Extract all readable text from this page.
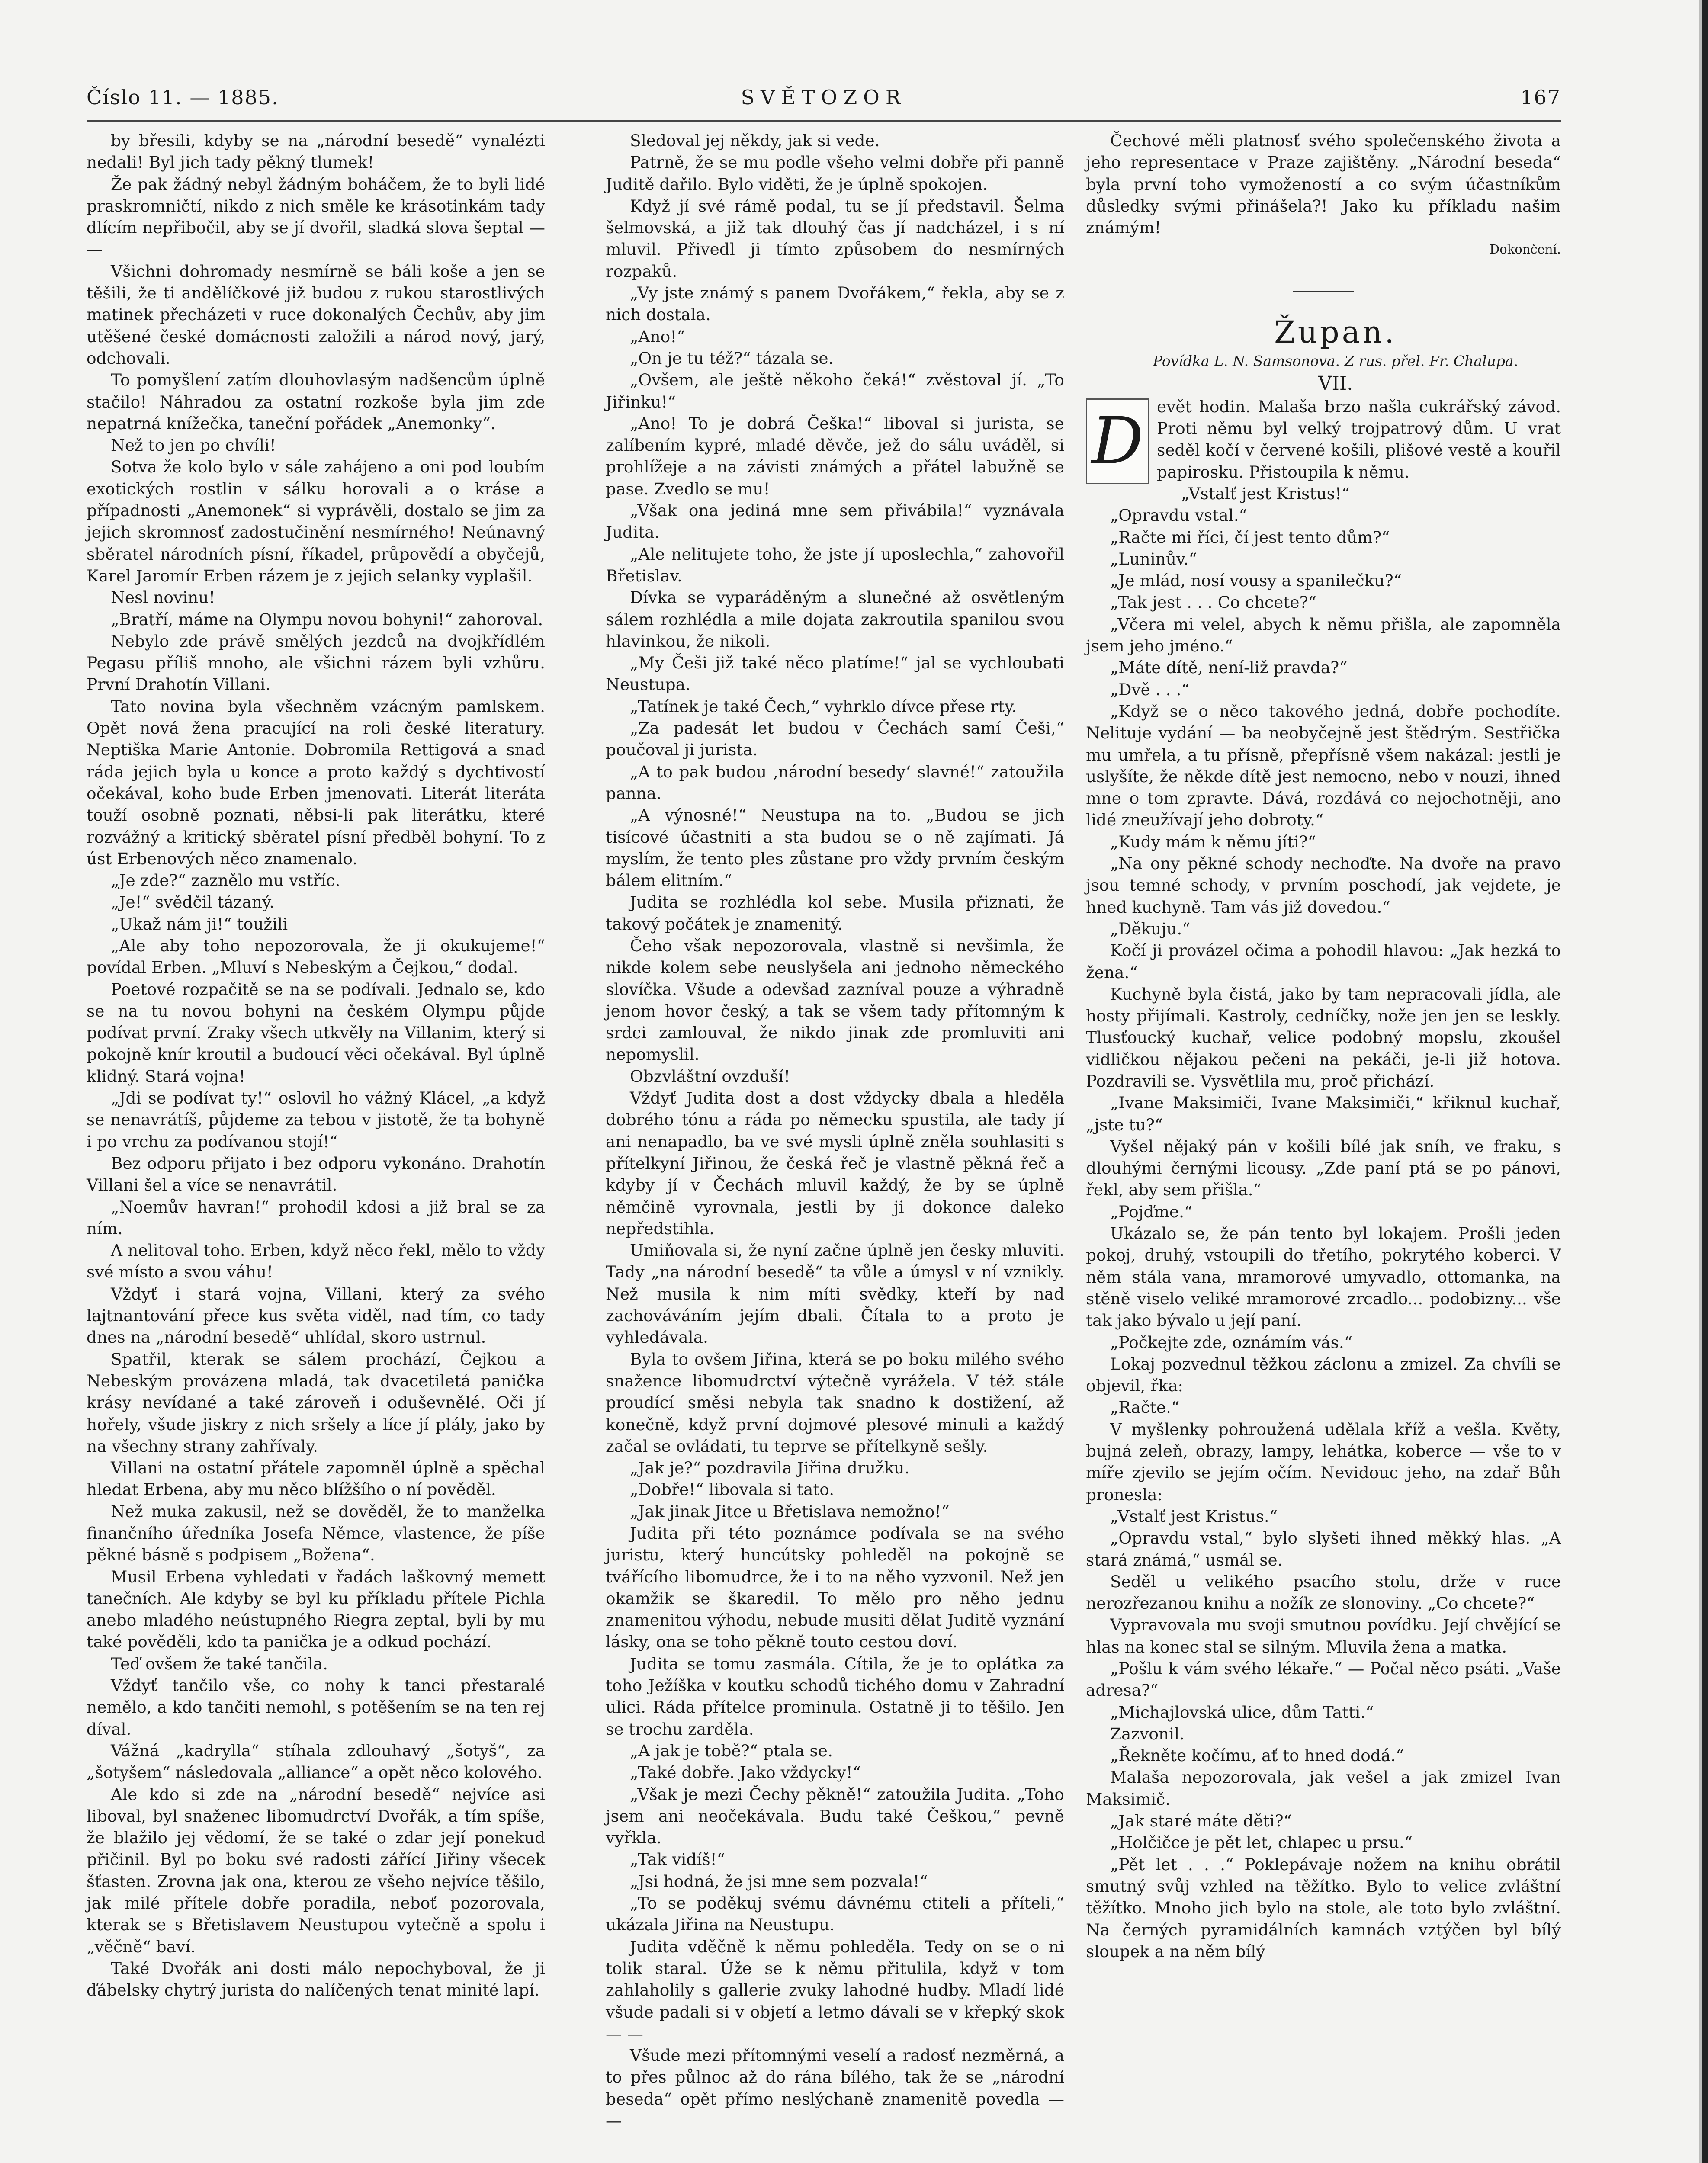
Číslo 11. — 1885.	SVĚTOZOR	167

by břesili, kdyby se na „národní besedě“ vynalézti nedali! Byl jich tady pěkný tlumek!

Že pak žádný nebyl žádným boháčem, že to byli lidé praskromničtí, nikdo z nich směle ke krásotinkám tady dlícím nepřibočil, aby se jí dvořil, sladká slova šeptal — —

Všichni dohromady nesmírně se báli koše a jen se těšili, že ti andělíčkové již budou z rukou starostlivých matinek přecházeti v ruce dokonalých Čechův, aby jim utěšené české domácnosti založili a národ nový, jarý, odchovali.

To pomyšlení zatím dlouhovlasým nadšencům úplně stačilo! Náhradou za ostatní rozkoše byla jim zde nepatrná knížečka, taneční pořádek „Anemonky“.

Než to jen po chvíli!

Sotva že kolo bylo v sále zahájeno a oni pod loubím exotických rostlin v sálku horovali a o kráse a případnosti „Anemonek“ si vyprávěli, dostalo se jim za jejich skromnosť zadostučinění nesmírného! Neúnavný sběratel národních písní, říkadel, průpovědí a obyčejů, Karel Jaromír Erben rázem je z jejich selanky vyplašil.

Nesl novinu!

„Bratří, máme na Olympu novou bohyni!“ zahoroval.

Nebylo zde právě smělých jezdců na dvojkřídlém Pegasu příliš mnoho, ale všichni rázem byli vzhůru. První Drahotín Villani.

Tato novina byla všechněm vzácným pamlskem. Opět nová žena pracující na roli české literatury. Neptiška Marie Antonie. Dobromila Rettigová a snad ráda jejich byla u konce a proto každý s dychtivostí očekával, koho bude Erben jmenovati. Literát literáta touží osobně poznati, něbsi-li pak literátku, které rozvážný a kritický sběratel písní předběl bohyní. To z úst Erbenových něco znamenalo.

„Je zde?“ zaznělo mu vstříc.

„Je!“ svědčil tázaný.

„Ukaž nám ji!“ toužili

„Ale aby toho nepozorovala, že ji okukujeme!“ povídal Erben. „Mluví s Nebeským a Čejkou,“ dodal.

Poetové rozpačitě se na se podívali. Jednalo se, kdo se na tu novou bohyni na českém Olympu půjde podívat první. Zraky všech utkvěly na Villanim, který si pokojně knír kroutil a budoucí věci očekával. Byl úplně klidný. Stará vojna!

„Jdi se podívat ty!“ oslovil ho vážný Klácel, „a když se nenavrátíš, půjdeme za tebou v jistotě, že ta bohyně i po vrchu za podívanou stojí!“

Bez odporu přijato i bez odporu vykonáno. Drahotín Villani šel a více se nenavrátil.

„Noemův havran!“ prohodil kdosi a již bral se za ním.

A nelitoval toho. Erben, když něco řekl, mělo to vždy své místo a svou váhu!

Vždyť i stará vojna, Villani, který za svého lajtnantování přece kus světa viděl, nad tím, co tady dnes na „národní besedě“ uhlídal, skoro ustrnul.

Spatřil, kterak se sálem prochází, Čejkou a Nebeským provázena mladá, tak dvacetiletá panička krásy nevídané a také zároveň i oduševnělé. Oči jí hořely, všude jiskry z nich sršely a líce jí plály, jako by na všechny strany zahřívaly.

Villani na ostatní přátele zapomněl úplně a spěchal hledat Erbena, aby mu něco blížšího o ní pověděl.

Než muka zakusil, než se dověděl, že to manželka finančního úředníka Josefa Němce, vlastence, že píše pěkné básně s podpisem „Božena“.

Musil Erbena vyhledati v řadách laškovný memett tanečních. Ale kdyby se byl ku příkladu přítele Pichla anebo mladého neústupného Riegra zeptal, byli by mu také pověděli, kdo ta panička je a odkud pochází.

Teď ovšem že také tančila.

Vždyť tančilo vše, co nohy k tanci přestaralé nemělo, a kdo tančiti nemohl, s potěšením se na ten rej díval.

Vážná „kadrylla“ stíhala zdlouhavý „šotyš“, za „šotyšem“ následovala „alliance“ a opět něco kolového.

Ale kdo si zde na „národní besedě“ nejvíce asi liboval, byl snaženec libomudrctví Dvořák, a tím spíše, že blažilo jej vědomí, že se také o zdar její ponekud přičinil. Byl po boku své radosti zářící Jiřiny všecek šťasten. Zrovna jak ona, kterou ze všeho nejvíce těšilo, jak milé přítele dobře poradila, neboť pozorovala, kterak se s Břetislavem Neustupou vytečně a spolu i „věčně“ baví.

Také Dvořák ani dosti málo nepochyboval, že ji ďábelsky chytrý jurista do nalíčených tenat minité lapí.

Sledoval jej někdy, jak si vede.

Patrně, že se mu podle všeho velmi dobře při panně Juditě dařilo. Bylo viděti, že je úplně spokojen.

Když jí své rámě podal, tu se jí představil. Šelma šelmovská, a již tak dlouhý čas jí nadcházel, i s ní mluvil. Přivedl ji tímto způsobem do nesmírných rozpaků.

„Vy jste známý s panem Dvořákem,“ řekla, aby se z nich dostala.

„Ano!“

„On je tu též?“ tázala se.

„Ovšem, ale ještě někoho čeká!“ zvěstoval jí. „To Jiřinku!“

„Ano! To je dobrá Češka!“ liboval si jurista, se zalíbením kypré, mladé děvče, jež do sálu uváděl, si prohlížeje a na závisti známých a přátel labužně se pase. Zvedlo se mu!

„Však ona jediná mne sem přivábila!“ vyznávala Judita.

„Ale nelitujete toho, že jste jí uposlechla,“ zahovořil Břetislav.

Dívka se vyparáděným a slunečné až osvětleným sálem rozhlédla a mile dojata zakroutila spanilou svou hlavinkou, že nikoli.

„My Češi již také něco platíme!“ jal se vychloubati Neustupa.

„Tatínek je také Čech,“ vyhrklo dívce přese rty.

„Za padesát let budou v Čechách samí Češi,“ poučoval ji jurista.

„A to pak budou ‚národní besedy‘ slavné!“ zatoužila panna.

„A výnosné!“ Neustupa na to. „Budou se jich tisícové účastniti a sta budou se o ně zajímati. Já myslím, že tento ples zůstane pro vždy prvním českým bálem elitním.“

Judita se rozhlédla kol sebe. Musila přiznati, že takový počátek je znamenitý.

Čeho však nepozorovala, vlastně si nevšimla, že nikde kolem sebe neuslyšela ani jednoho německého slovíčka. Všude a odevšad zazníval pouze a výhradně jenom hovor český, a tak se všem tady přítomným k srdci zamlouval, že nikdo jinak zde promluviti ani nepomyslil.

Obzvláštní ovzduší!

Vždyť Judita dost a dost vždycky dbala a hleděla dobrého tónu a ráda po německu spustila, ale tady jí ani nenapadlo, ba ve své mysli úplně zněla souhlasiti s přítelkyní Jiřinou, že česká řeč je vlastně pěkná řeč a kdyby jí v Čechách mluvil každý, že by se úplně němčině vyrovnala, jestli by ji dokonce daleko nepředstihla.

Umiňovala si, že nyní začne úplně jen česky mluviti. Tady „na národní besedě“ ta vůle a úmysl v ní vznikly. Než musila k nim míti svědky, kteří by nad zachováváním jejím dbali. Čítala to a proto je vyhledávala.

Byla to ovšem Jiřina, která se po boku milého svého snažence libomudrctví výtečně vyrážela. V též stále proudící směsi nebyla tak snadno k dostižení, až konečně, když první dojmové plesové minuli a každý začal se ovládati, tu teprve se přítelkyně sešly.

„Jak je?“ pozdravila Jiřina družku.

„Dobře!“ libovala si tato.

„Jak jinak Jitce u Břetislava nemožno!“

Judita při této poznámce podívala se na svého juristu, který huncútsky pohleděl na pokojně se tvářícího libomudrce, že i to na něho vyzvonil. Než jen okamžik se škaredil. To mělo pro něho jednu znamenitou výhodu, nebude musiti dělat Juditě vyznání lásky, ona se toho pěkně touto cestou doví.

Judita se tomu zasmála. Cítila, že je to oplátka za toho Ježíška v koutku schodů tichého domu v Zahradní ulici. Ráda přítelce prominula. Ostatně ji to těšilo. Jen se trochu zarděla.

„A jak je tobě?“ ptala se.

„Také dobře. Jako vždycky!“

„Však je mezi Čechy pěkně!“ zatoužila Judita. „Toho jsem ani neočekávala. Budu také Češkou,“ pevně vyřkla.

„Tak vidíš!“

„Jsi hodná, že jsi mne sem pozvala!“

„To se poděkuj svému dávnému ctiteli a příteli,“ ukázala Jiřina na Neustupu.

Judita vděčně k němu pohleděla. Tedy on se o ni tolik staral. Úže se k němu přitulila, když v tom zahlaholily s gallerie zvuky lahodné hudby. Mladí lidé všude padali si v objetí a letmo dávali se v křepký skok — —

Všude mezi přítomnými veselí a radosť nezměrná, a to přes půlnoc až do rána bílého, tak že se „národní beseda“ opět přímo neslýchaně znamenitě povedla — —

Čechové měli platnosť svého společenského života a jeho representace v Praze zajištěny. „Národní beseda“ byla první toho vymožeností a co svým účastníkům důsledky svými přinášela?! Jako ku příkladu našim známým!

Dokončení.

Župan.

Povídka L. N. Samsonova. Z rus. přel. Fr. Chalupa.

VII.

D evět hodin. Malaša brzo našla cukrářský závod. Proti němu byl velký trojpatrový dům. U vrat seděl kočí v červené košili, plišové vestě a kouřil papirosku. Přistoupila k němu.

„Vstalť jest Kristus!“

„Opravdu vstal.“

„Račte mi říci, čí jest tento dům?“

„Luninův.“

„Je mlád, nosí vousy a spanilečku?“

„Tak jest . . . Co chcete?“

„Včera mi velel, abych k němu přišla, ale zapomněla jsem jeho jméno.“

„Máte dítě, není-liž pravda?“

„Dvě . . .“

„Když se o něco takového jedná, dobře pochodíte. Nelituje vydání — ba neobyčejně jest štědrým. Sestřička mu umřela, a tu přísně, přepřísně všem nakázal: jestli je uslyšíte, že někde dítě jest nemocno, nebo v nouzi, ihned mne o tom zpravte. Dává, rozdává co nejochotněji, ano lidé zneužívají jeho dobroty.“

„Kudy mám k němu jíti?“

„Na ony pěkné schody nechoďte. Na dvoře na pravo jsou temné schody, v prvním poschodí, jak vejdete, je hned kuchyně. Tam vás již dovedou.“

„Děkuju.“

Kočí ji provázel očima a pohodil hlavou: „Jak hezká to žena.“

Kuchyně byla čistá, jako by tam nepracovali jídla, ale hosty přijímali. Kastroly, cedníčky, nože jen jen se leskly. Tlusťoucký kuchař, velice podobný mopslu, zkoušel vidličkou nějakou pečeni na pekáči, je-li již hotova. Pozdravili se. Vysvětlila mu, proč přichází.

„Ivane Maksimiči, Ivane Maksimiči,“ křiknul kuchař, „jste tu?“

Vyšel nějaký pán v košili bílé jak sníh, ve fraku, s dlouhými černými licousy. „Zde paní ptá se po pánovi, řekl, aby sem přišla.“

„Pojďme.“

Ukázalo se, že pán tento byl lokajem. Prošli jeden pokoj, druhý, vstoupili do třetího, pokrytého koberci. V něm stála vana, mramorové umyvadlo, ottomanka, na stěně viselo veliké mramorové zrcadlo... podobizny... vše tak jako bývalo u její paní.

„Počkejte zde, oznámím vás.“

Lokaj pozvednul těžkou záclonu a zmizel. Za chvíli se objevil, řka:

„Račte.“

V myšlenky pohroužená udělala kříž a vešla. Květy, bujná zeleň, obrazy, lampy, lehátka, koberce — vše to v míře zjevilo se jejím očím. Nevidouc jeho, na zdař Bůh pronesla:

„Vstalť jest Kristus.“

„Opravdu vstal,“ bylo slyšeti ihned měkký hlas. „A stará známá,“ usmál se.

Seděl u velikého psacího stolu, drže v ruce nerozřezanou knihu a nožík ze slonoviny. „Co chcete?“

Vypravovala mu svoji smutnou povídku. Její chvějící se hlas na konec stal se silným. Mluvila žena a matka.

„Pošlu k vám svého lékaře.“ — Počal něco psáti. „Vaše adresa?“

„Michajlovská ulice, dům Tatti.“

Zazvonil.

„Řekněte kočímu, ať to hned dodá.“

Malaša nepozorovala, jak vešel a jak zmizel Ivan Maksimič.

„Jak staré máte děti?“

„Holčičce je pět let, chlapec u prsu.“

„Pět let . . .“ Poklepávaje nožem na knihu obrátil smutný svůj vzhled na těžítko. Bylo to velice zvláštní těžítko. Mnoho jich bylo na stole, ale toto bylo zvláštní. Na černých pyramidálních kamnách vztýčen byl bílý sloupek a na něm bílý
